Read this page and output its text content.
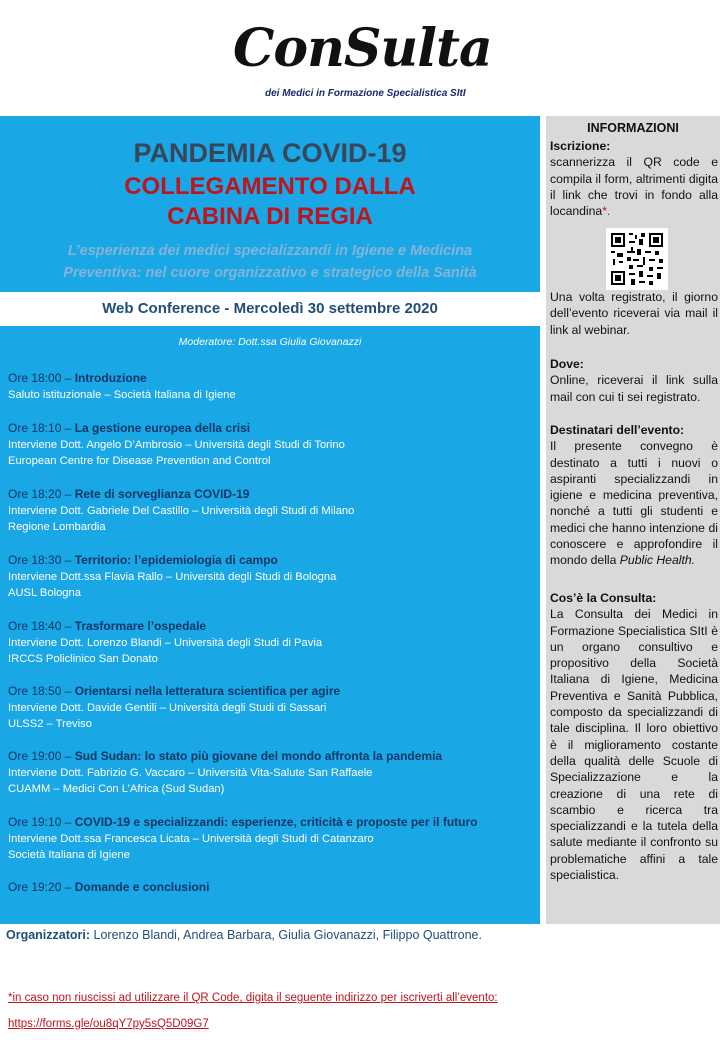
ConSulta
dei Medici in Formazione Specialistica SItI
PANDEMIA COVID-19
COLLEGAMENTO DALLA
CABINA DI REGIA
L’esperienza dei medici specializzandi in Igiene e Medicina
Preventiva: nel cuore organizzativo e strategico della Sanità
Web Conference - Mercoledì 30 settembre 2020
Moderatore: Dott.ssa Giulia Giovanazzi
Ore 18:00 – Introduzione
Saluto istituzionale – Società Italiana di Igiene
Ore 18:10 – La gestione europea della crisi
Interviene Dott. Angelo D’Ambrosio – Università degli Studi di Torino
European Centre for Disease Prevention and Control
Ore 18:20 – Rete di sorveglianza COVID-19
Interviene Dott. Gabriele Del Castillo – Università degli Studi di Milano
Regione Lombardia
Ore 18:30 – Territorio: l’epidemiologia di campo
Interviene Dott.ssa Flavia Rallo – Università degli Studi di Bologna
AUSL Bologna
Ore 18:40 – Trasformare l’ospedale
Interviene Dott. Lorenzo Blandi – Università degli Studi di Pavia
IRCCS Policlinico San Donato
Ore 18:50 – Orientarsi nella letteratura scientifica per agire
Interviene Dott. Davide Gentili – Università degli Studi di Sassari
ULSS2 – Treviso
Ore 19:00 – Sud Sudan: lo stato più giovane del mondo affronta la pandemia
Interviene Dott. Fabrizio G. Vaccaro – Università Vita-Salute San Raffaele
CUAMM – Medici Con L’Africa (Sud Sudan)
Ore 19:10 – COVID-19 e specializzandi: esperienze, criticità e proposte per il futuro
Interviene Dott.ssa Francesca Licata – Università degli Studi di Catanzaro
Società Italiana di Igiene
Ore 19:20 – Domande e conclusioni
INFORMAZIONI
Iscrizione:
scannerizza il QR code e compila il form, altrimenti digita il link che trovi in fondo alla locandina*.
Una volta registrato, il giorno dell’evento riceverai via mail il link al webinar.
Dove:
Online, riceverai il link sulla mail con cui ti sei registrato.
Destinatari dell’evento:
Il presente convegno è destinato a tutti i nuovi o aspiranti specializzandi in igiene e medicina preventiva, nonché a tutti gli studenti e medici che hanno intenzione di conoscere e approfondire il mondo della Public Health.
Cos’è la Consulta:
La Consulta dei Medici in Formazione Specialistica SItI è un organo consultivo e propositivo della Società Italiana di Igiene, Medicina Preventiva e Sanità Pubblica, composto da specializzandi di tale disciplina. Il loro obiettivo è il miglioramento costante della qualità delle Scuole di Specializzazione e la creazione di una rete di scambio e ricerca tra specializzandi e la tutela della salute mediante il confronto su problematiche affini a tale specialistica.
Organizzatori: Lorenzo Blandi, Andrea Barbara, Giulia Giovanazzi, Filippo Quattrone.
*in caso non riuscissi ad utilizzare il QR Code, digita il seguente indirizzo per iscriverti all’evento:
https://forms.gle/ou8qY7py5sQ5D09G7
